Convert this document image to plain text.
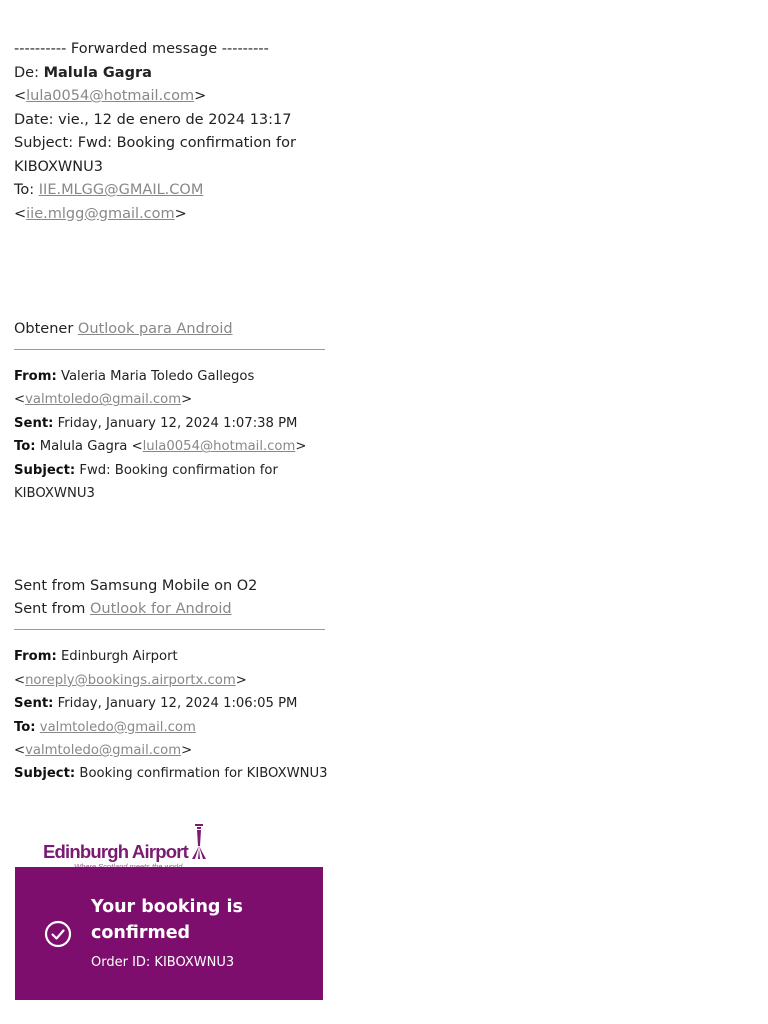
---------- Forwarded message ---------
De: Malula Gagra <lula0054@hotmail.com>
Date: vie., 12 de enero de 2024 13:17
Subject: Fwd: Booking confirmation for
KIBOXWNU3
To: IIE.MLGG@GMAIL.COM
<iie.mlgg@gmail.com>
Obtener Outlook para Android
From: Valeria Maria Toledo Gallegos
<valmtoledo@gmail.com>
Sent: Friday, January 12, 2024 1:07:38 PM
To: Malula Gagra <lula0054@hotmail.com>
Subject: Fwd: Booking confirmation for
KIBOXWNU3
Sent from Samsung Mobile on O2
Sent from Outlook for Android
From: Edinburgh Airport
<noreply@bookings.airportx.com>
Sent: Friday, January 12, 2024 1:06:05 PM
To: valmtoledo@gmail.com
<valmtoledo@gmail.com>
Subject: Booking confirmation for KIBOXWNU3
Edinburgh Airport
Your booking is confirmed
Order ID: KIBOXWNU3
